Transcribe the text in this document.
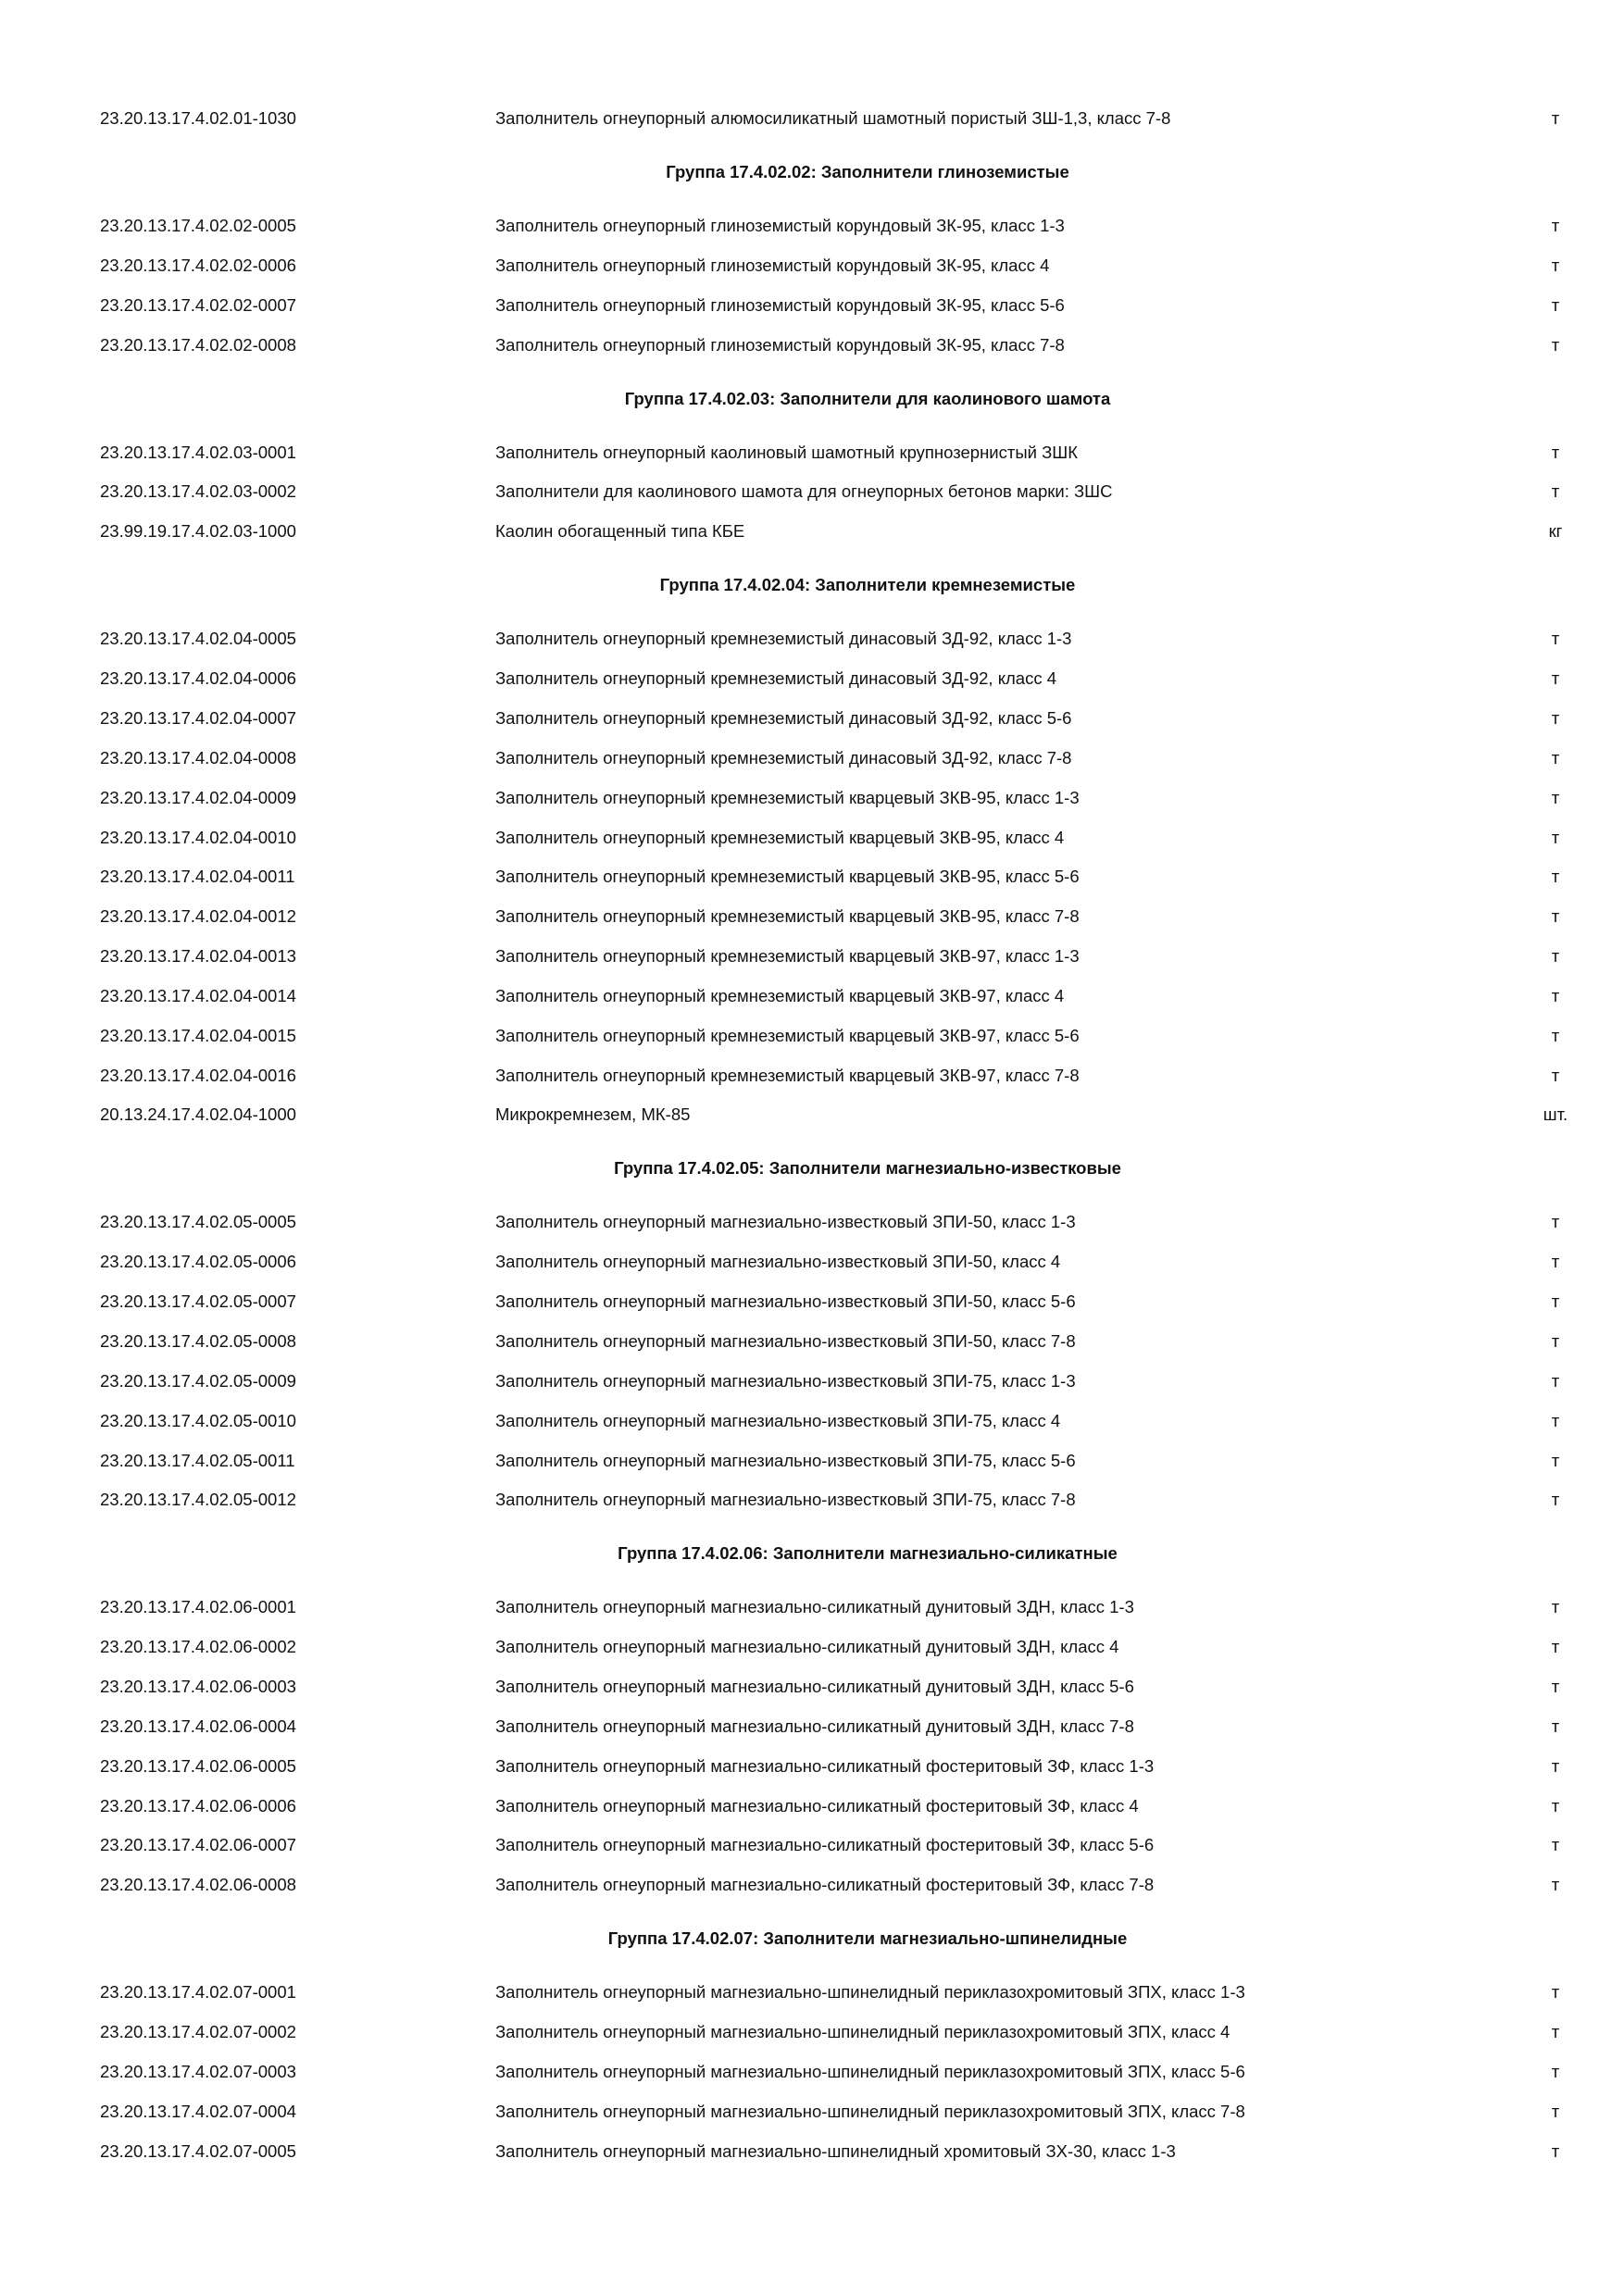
23.20.13.17.4.02.01-1030	Заполнитель огнеупорный алюмосиликатный шамотный пористый ЗШ-1,3, класс 7-8	т
Группа 17.4.02.02: Заполнители глиноземистые
23.20.13.17.4.02.02-0005	Заполнитель огнеупорный глиноземистый корундовый ЗК-95, класс 1-3	т
23.20.13.17.4.02.02-0006	Заполнитель огнеупорный глиноземистый корундовый ЗК-95, класс 4	т
23.20.13.17.4.02.02-0007	Заполнитель огнеупорный глиноземистый корундовый ЗК-95, класс 5-6	т
23.20.13.17.4.02.02-0008	Заполнитель огнеупорный глиноземистый корундовый ЗК-95, класс 7-8	т
Группа 17.4.02.03: Заполнители для каолинового шамота
23.20.13.17.4.02.03-0001	Заполнитель огнеупорный каолиновый шамотный крупнозернистый ЗШК	т
23.20.13.17.4.02.03-0002	Заполнители для каолинового шамота для огнеупорных бетонов марки: ЗШС	т
23.99.19.17.4.02.03-1000	Каолин обогащенный типа КБЕ	кг
Группа 17.4.02.04: Заполнители кремнеземистые
23.20.13.17.4.02.04-0005	Заполнитель огнеупорный кремнеземистый динасовый ЗД-92, класс 1-3	т
23.20.13.17.4.02.04-0006	Заполнитель огнеупорный кремнеземистый динасовый ЗД-92, класс 4	т
23.20.13.17.4.02.04-0007	Заполнитель огнеупорный кремнеземистый динасовый ЗД-92, класс 5-6	т
23.20.13.17.4.02.04-0008	Заполнитель огнеупорный кремнеземистый динасовый ЗД-92, класс 7-8	т
23.20.13.17.4.02.04-0009	Заполнитель огнеупорный кремнеземистый кварцевый ЗКВ-95, класс 1-3	т
23.20.13.17.4.02.04-0010	Заполнитель огнеупорный кремнеземистый кварцевый ЗКВ-95, класс 4	т
23.20.13.17.4.02.04-0011	Заполнитель огнеупорный кремнеземистый кварцевый ЗКВ-95, класс 5-6	т
23.20.13.17.4.02.04-0012	Заполнитель огнеупорный кремнеземистый кварцевый ЗКВ-95, класс 7-8	т
23.20.13.17.4.02.04-0013	Заполнитель огнеупорный кремнеземистый кварцевый ЗКВ-97, класс 1-3	т
23.20.13.17.4.02.04-0014	Заполнитель огнеупорный кремнеземистый кварцевый ЗКВ-97, класс 4	т
23.20.13.17.4.02.04-0015	Заполнитель огнеупорный кремнеземистый кварцевый ЗКВ-97, класс 5-6	т
23.20.13.17.4.02.04-0016	Заполнитель огнеупорный кремнеземистый кварцевый ЗКВ-97, класс 7-8	т
20.13.24.17.4.02.04-1000	Микрокремнезем, МК-85	шт.
Группа 17.4.02.05: Заполнители магнезиально-известковые
23.20.13.17.4.02.05-0005	Заполнитель огнеупорный магнезиально-известковый ЗПИ-50, класс 1-3	т
23.20.13.17.4.02.05-0006	Заполнитель огнеупорный магнезиально-известковый ЗПИ-50, класс 4	т
23.20.13.17.4.02.05-0007	Заполнитель огнеупорный магнезиально-известковый ЗПИ-50, класс 5-6	т
23.20.13.17.4.02.05-0008	Заполнитель огнеупорный магнезиально-известковый ЗПИ-50, класс 7-8	т
23.20.13.17.4.02.05-0009	Заполнитель огнеупорный магнезиально-известковый ЗПИ-75, класс 1-3	т
23.20.13.17.4.02.05-0010	Заполнитель огнеупорный магнезиально-известковый ЗПИ-75, класс 4	т
23.20.13.17.4.02.05-0011	Заполнитель огнеупорный магнезиально-известковый ЗПИ-75, класс 5-6	т
23.20.13.17.4.02.05-0012	Заполнитель огнеупорный магнезиально-известковый ЗПИ-75, класс 7-8	т
Группа 17.4.02.06: Заполнители магнезиально-силикатные
23.20.13.17.4.02.06-0001	Заполнитель огнеупорный магнезиально-силикатный дунитовый ЗДН, класс 1-3	т
23.20.13.17.4.02.06-0002	Заполнитель огнеупорный магнезиально-силикатный дунитовый ЗДН, класс 4	т
23.20.13.17.4.02.06-0003	Заполнитель огнеупорный магнезиально-силикатный дунитовый ЗДН, класс 5-6	т
23.20.13.17.4.02.06-0004	Заполнитель огнеупорный магнезиально-силикатный дунитовый ЗДН, класс 7-8	т
23.20.13.17.4.02.06-0005	Заполнитель огнеупорный магнезиально-силикатный фостеритовый ЗФ, класс 1-3	т
23.20.13.17.4.02.06-0006	Заполнитель огнеупорный магнезиально-силикатный фостеритовый ЗФ, класс 4	т
23.20.13.17.4.02.06-0007	Заполнитель огнеупорный магнезиально-силикатный фостеритовый ЗФ, класс 5-6	т
23.20.13.17.4.02.06-0008	Заполнитель огнеупорный магнезиально-силикатный фостеритовый ЗФ, класс 7-8	т
Группа 17.4.02.07: Заполнители магнезиально-шпинелидные
23.20.13.17.4.02.07-0001	Заполнитель огнеупорный магнезиально-шпинелидный периклазохромитовый ЗПХ, класс 1-3	т
23.20.13.17.4.02.07-0002	Заполнитель огнеупорный магнезиально-шпинелидный периклазохромитовый ЗПХ, класс 4	т
23.20.13.17.4.02.07-0003	Заполнитель огнеупорный магнезиально-шпинелидный периклазохромитовый ЗПХ, класс 5-6	т
23.20.13.17.4.02.07-0004	Заполнитель огнеупорный магнезиально-шпинелидный периклазохромитовый ЗПХ, класс 7-8	т
23.20.13.17.4.02.07-0005	Заполнитель огнеупорный магнезиально-шпинелидный хромитовый ЗХ-30, класс 1-3	т
